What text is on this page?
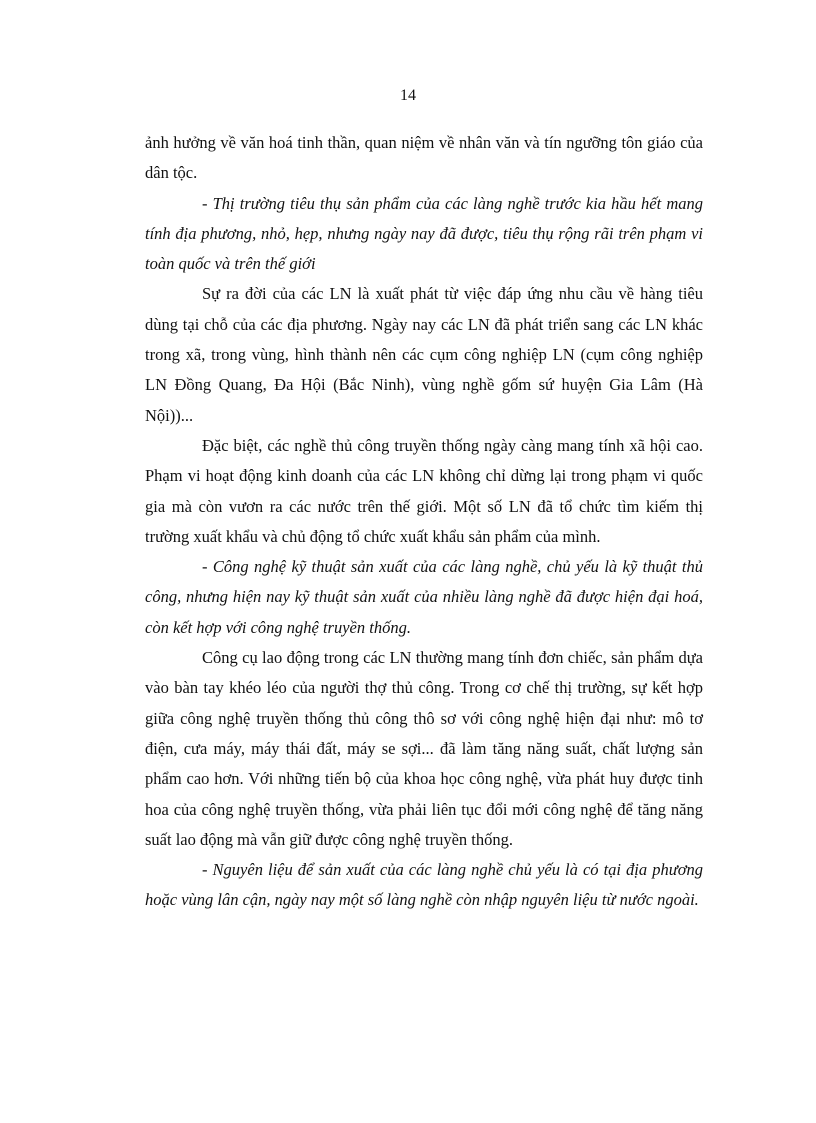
14

ảnh hưởng về văn hoá tinh thần, quan niệm về nhân văn và tín ngưỡng tôn giáo của dân tộc.

- Thị trường tiêu thụ sản phẩm của các làng nghề trước kia hầu hết mang tính địa phương, nhỏ, hẹp, nhưng ngày nay đã được, tiêu thụ rộng rãi trên phạm vi toàn quốc và trên thế giới

Sự ra đời của các LN là xuất phát từ việc đáp ứng nhu cầu về hàng tiêu dùng tại chỗ của các địa phương. Ngày nay các LN đã phát triển sang các LN khác trong xã, trong vùng, hình thành nên các cụm công nghiệp LN (cụm công nghiệp LN Đồng Quang, Đa Hội (Bắc Ninh), vùng nghề gốm sứ huyện Gia Lâm (Hà Nội))...

Đặc biệt, các nghề thủ công truyền thống ngày càng mang tính xã hội cao. Phạm vi hoạt động kinh doanh của các LN không chỉ dừng lại trong phạm vi quốc gia mà còn vươn ra các nước trên thế giới. Một số LN đã tổ chức tìm kiếm thị trường xuất khẩu và chủ động tổ chức xuất khẩu sản phẩm của mình.

- Công nghệ kỹ thuật sản xuất của các làng nghề, chủ yếu là kỹ thuật thủ công, nhưng hiện nay kỹ thuật sản xuất của nhiều làng nghề đã được hiện đại hoá, còn kết hợp với công nghệ truyền thống.

Công cụ lao động trong các LN thường mang tính đơn chiếc, sản phẩm dựa vào bàn tay khéo léo của người thợ thủ công. Trong cơ chế thị trường, sự kết hợp giữa công nghệ truyền thống thủ công thô sơ với công nghệ hiện đại như: mô tơ điện, cưa máy, máy thái đất, máy se sợi... đã làm tăng năng suất, chất lượng sản phẩm cao hơn. Với những tiến bộ của khoa học công nghệ, vừa phát huy được tinh hoa của công nghệ truyền thống, vừa phải liên tục đổi mới công nghệ để tăng năng suất lao động mà vẫn giữ được công nghệ truyền thống.

- Nguyên liệu để sản xuất của các làng nghề chủ yếu là có tại địa phương hoặc vùng lân cận, ngày nay một số làng nghề còn nhập nguyên liệu từ nước ngoài.
